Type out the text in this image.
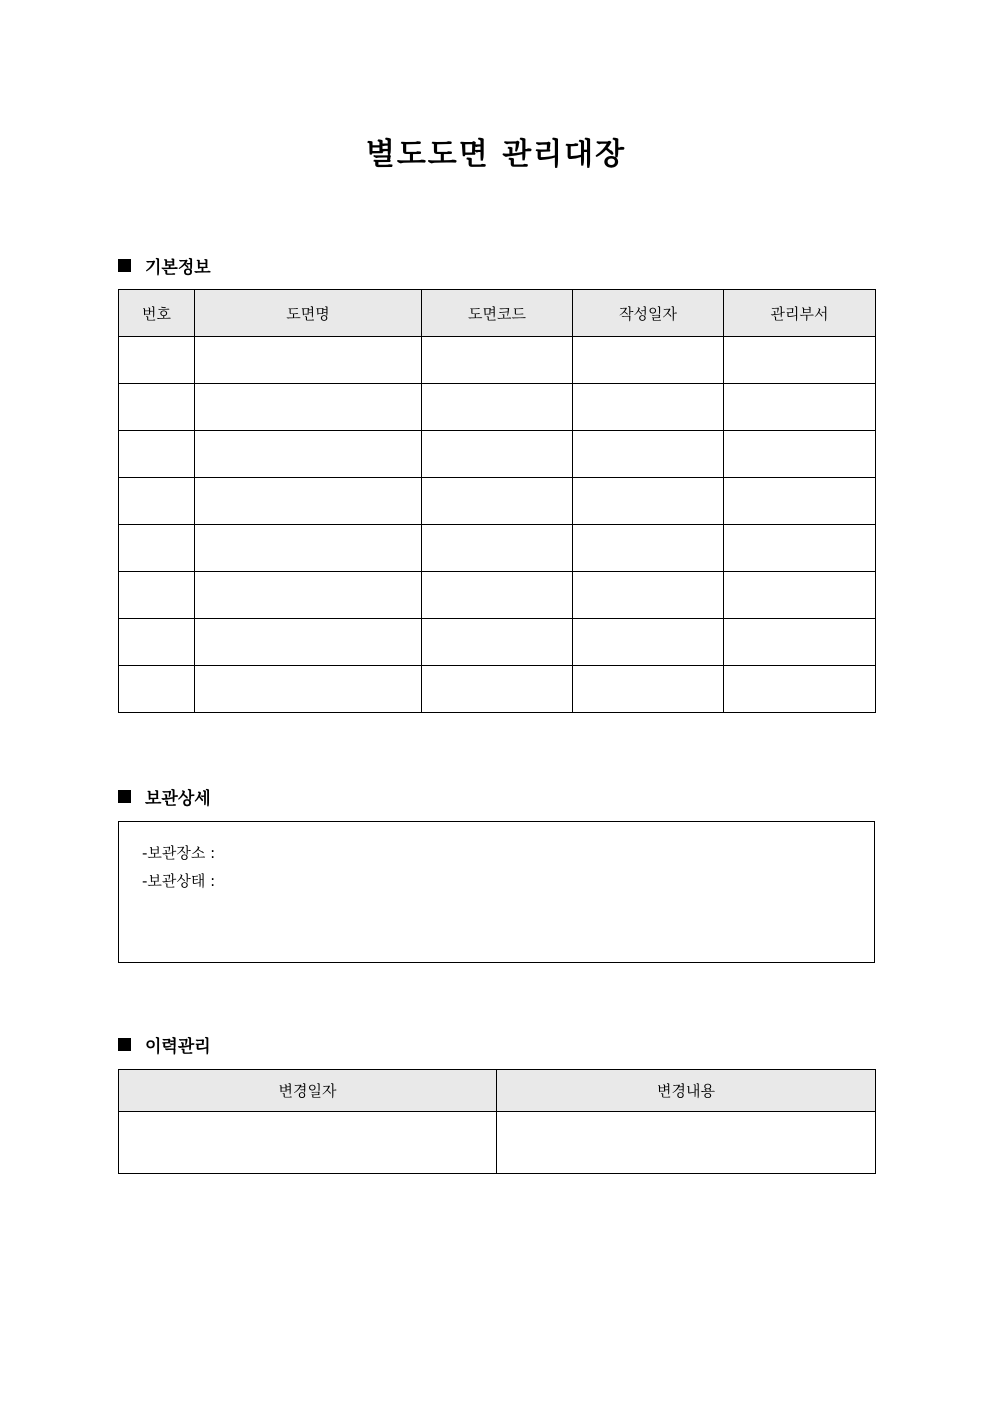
별도도면 관리대장
기본정보
번호	도면명	도면코드	작성일자	관리부서

보관상세
-보관장소 :
-보관상태 :
이력관리
변경일자	변경내용
